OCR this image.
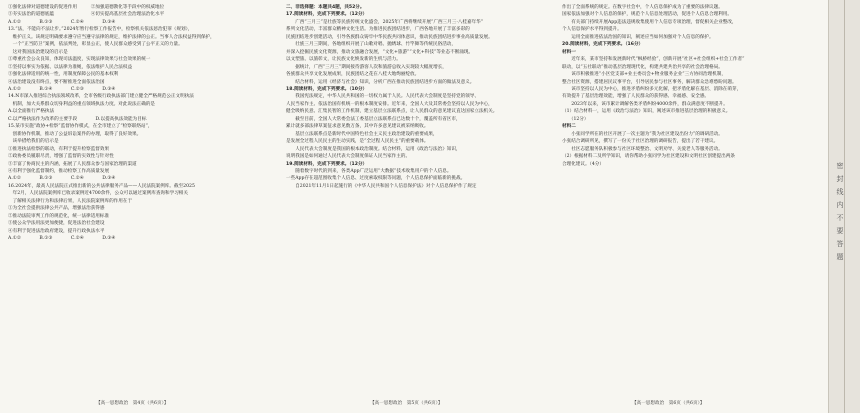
①强化法律对道德建设的促进作用　　　②加强道德教化等手段中的权威地位

③夯实法治的道德底蕴　　　　　　　　④切实提高基层社会治理法治化水平

A.①②　　　　B.①③　　　　C.②④　　　　D.③④

13.“法，不能向不法让步。”2024年暂行检察工作报告中，检察机关依法惩治犯罪（规划），

　维护正义。该规定明确要求遵守应当遵守法律的规定，维护法律的公正。当事人合法权益得到保护，

　一个“正当防卫”案例，依法判处，彰显公正，使人民群众感受到了公平正义的力量。

　这对我国法治建设的启示是

①尊重社会公众良知，体现司法温度，实现法律效果与社会效果的统一

②坚持以事实为依据、以法律为准绳，依法维护人民合法权益

③强化法律适用的统一性，用制度保障公民的基本权利

④法治建设没有终点，要不断推进全面依法治国

A.①②　　　　B.①④　　　　C.②③　　　　D.③④

14.N市深入推进综合执法领域改革，全市各级行政执法部门建立健全严格规范公正文明执法

　机制，加大关系群众切身利益的重点领域执法力度。对此说法正确的是

A.以全面推行严格执法

C.以严格执法作为改革的主要手段　　　　D.以提高执法效能为目标

15.某市实施“政协+检察”监督协作模式，在全市建立了“检察联络站”，

　创新协作机制，推动了公益诉讼案件的办理，取得了良好效果。

　该举措给我们的启示是　　　　　　　　　　　　　　　　　　　　　　　　　　

①推进执法检察的联动，有利于提升检察监督效果

②政协委员履职尽责，增强了监督的实效性与针对性

③丰富了协商民主的内涵，拓展了人民群众参与国家治理的渠道

④有利于强化监督制约，推动检察工作高质量发展

A.①②　　　　B.①③　　　　C.②④　　　　D.③④

16.2024年，最高人民法院正式推出新的公共法律服务产品——人民法院案例库。截至2025

　年2月，人民法院案例库已收录案例近4700余件，公众可以通过案例库查询和学习相关

　了解相关法律行为和法律后果，人民法院案例库的作用在于

①为全社会提供法律公共产品，增强法治获得感

②推动法院审判工作的规范化，统一法律适用标准

③使公众学法用法更加便捷，促进法治社会建设

④有利于促进法治政府建设，提升行政执法水平

A.①②　　　　B.①③　　　　C.②④　　　　D.③④

二、非选择题：本题共4题，共52分。

17.阅读材料，完成下列要求。（12分）

　　广西“三月三”是壮族等民族传统文化盛会，2025年广西将继续开展“广西三月三·八桂嘉年华”

系列文化活动，丰富群众精神文化生活。为推进民族团结进步，广西各地开展了丰富多彩的

民族团结进步创建活动，引导各族群众铸牢中华民族共同体意识，推动民族团结进步事业高质量发展。

　　壮族三月三期间，各地组织开展了山歌对唱、抛绣球、竹竿舞等传统民俗活动，

并深入挖掘民族文化资源，推动文旅融合发展，“文化+旅游”“文化+科技”等业态不断涌现。

以文塑旅、以旅彰文，让民族文化焕发新的生机与活力。

　　据统计，广西“三月三”期间接待游客人次和旅游总收入实现较大幅度增长，

各族群众共享文化发展成果，民族团结之花在八桂大地绚丽绽放。

　　结合材料，运用《经济与社会》知识，分析广西在推动民族团结进步方面的做法及意义。

18.阅读材料，完成下列要求。（10分）

　　我国宪法规定，中华人民共和国的一切权力属于人民。人民代表大会制度是坚持党的领导、

人民当家作主、依法治国有机统一的根本制度安排。近年来，全国人大及其常委会坚持以人民为中心，

健全吸纳民意、汇集民智的工作机制，建立基层立法联系点，让人民群众的意见建议直达国家立法机关。

　　截至目前，全国人大常委会法工委基层立法联系点已达数十个，覆盖所有省区市，

累计就多部法律草案征求意见数万条，其中许多意见建议被采纳吸收。

　　基层立法联系点是新时代中国特色社会主义民主政治建设的重要成果，

是发展全过程人民民主的生动实践，是“全过程人民民主”的重要载体。

　　人民代表大会制度是我国的根本政治制度。结合材料，运用《政治与法治》知识，

说明我国是如何通过人民代表大会制度保证人民当家作主的。

19.阅读材料，完成下列要求。（12分）

　　随着数字时代的到来，各类App广泛运用“大数据”技术收集用户的个人信息。

一些App存在超范围收集个人信息、过度索取权限等问题，个人信息保护面临新的挑战。

　　自2021年11月1日起施行的《中华人民共和国个人信息保护法》对个人信息保护作了规定

作出了全面系统的规定。在数字社会中，个人信息保护成为了重要的法律议题。

国家依法加强对个人信息的保护，规范个人信息处理活动，促进个人信息合理利用。

　　有关部门持续开展App违法违规收集使用个人信息专项治理，督促相关企业整改，

个人信息保护水平得到提升。

　　运用全面推进依法治国的知识，阐述应当如何加强对个人信息的保护。

20.阅读材料，完成下列要求。（16分）

材料一

　　近年来，某市坚持和发展新时代“枫桥经验”，创新开展“社区+社会组织+社会工作者”

联动，以“五社联动”推动基层治理现代化，构建共建共治共享的社会治理格局。

　　该市积极推进“小区党支部+业主委员会+物业服务企业”三方协同治理机制，

整合社区资源，搭建居民议事平台，引导居民参与社区事务，解决群众急难愁盼问题。

　　该市坚持以人民为中心，推进矛盾纠纷多元化解，把矛盾化解在基层、消除在萌芽，

有效提升了基层治理效能，增强了人民群众的获得感、幸福感、安全感。

　　2023年以来，该市累计调解各类矛盾纠纷4000余件，群众满意度不断提升。

（1）结合材料一，运用《政治与法治》知识，阐述该市推进基层治理的积极意义。

　　（12分）

材料二

　　小张同学所在的社区开展了一次主题为“我为社区建设出份力”的调研活动。

小张结合调研所见，撰写了一份关于社区治理的调研报告，提出了若干建议。

　　社区志愿服务队积极参与社区环境整治、文明劝导、关爱老人等服务活动。

（2）根据材料二及所学知识，请你帮助小张同学为社区建设和文明社区创建提出两条

合理化建议。（4分）

【高一思想政治　第4页（共6页）】	【高一思想政治　第5页（共6页）】	【高一思想政治　第6页（共6页）】
密
封
线
内
不
要
答
题
